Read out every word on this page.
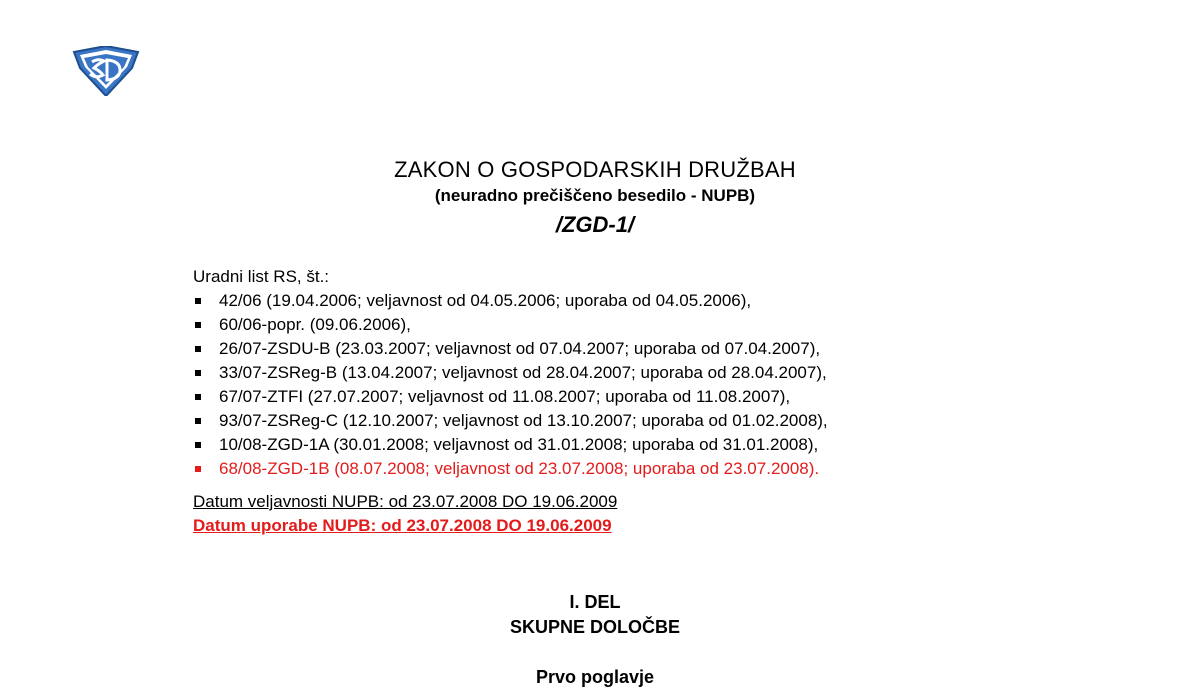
ZAKON O GOSPODARSKIH DRUŽBAH
(neuradno prečiščeno besedilo - NUPB)
/ZGD-1/
Uradni list RS, št.:
42/06 (19.04.2006; veljavnost od 04.05.2006; uporaba od 04.05.2006),
60/06-popr. (09.06.2006),
26/07-ZSDU-B (23.03.2007; veljavnost od 07.04.2007; uporaba od 07.04.2007),
33/07-ZSReg-B (13.04.2007; veljavnost od 28.04.2007; uporaba od 28.04.2007),
67/07-ZTFI (27.07.2007; veljavnost od 11.08.2007; uporaba od 11.08.2007),
93/07-ZSReg-C (12.10.2007; veljavnost od 13.10.2007; uporaba od 01.02.2008),
10/08-ZGD-1A (30.01.2008; veljavnost od 31.01.2008; uporaba od 31.01.2008),
68/08-ZGD-1B (08.07.2008; veljavnost od 23.07.2008; uporaba od 23.07.2008).
Datum veljavnosti NUPB: od 23.07.2008 DO 19.06.2009
Datum uporabe NUPB: od 23.07.2008 DO 19.06.2009
I. DEL
SKUPNE DOLOČBE
Prvo poglavje
